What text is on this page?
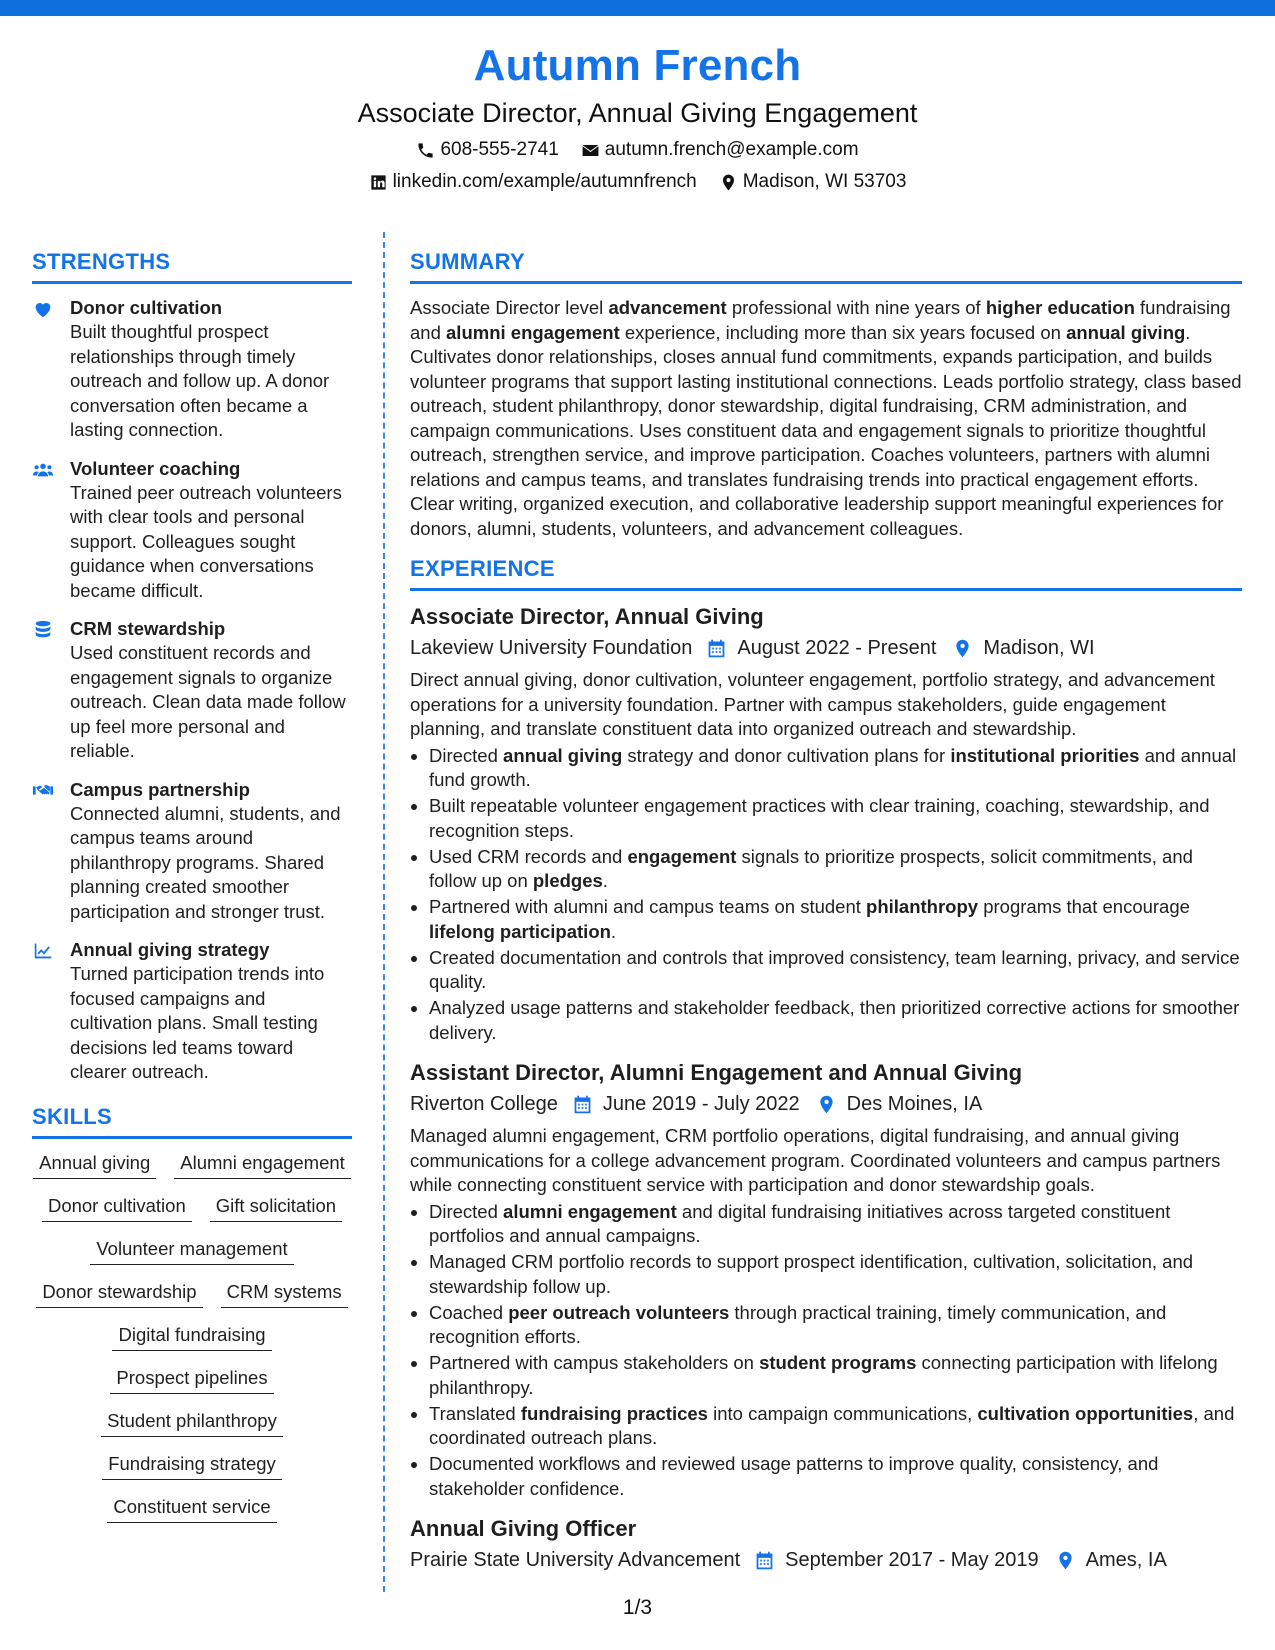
Autumn French
Associate Director, Annual Giving Engagement
608-555-2741 autumn.french@example.com
linkedin.com/example/autumnfrench Madison, WI 53703
STRENGTHS
Donor cultivation
Built thoughtful prospect relationships through timely outreach and follow up. A donor conversation often became a lasting connection.
Volunteer coaching
Trained peer outreach volunteers with clear tools and personal support. Colleagues sought guidance when conversations became difficult.
CRM stewardship
Used constituent records and engagement signals to organize outreach. Clean data made follow up feel more personal and reliable.
Campus partnership
Connected alumni, students, and campus teams around philanthropy programs. Shared planning created smoother participation and stronger trust.
Annual giving strategy
Turned participation trends into focused campaigns and cultivation plans. Small testing decisions led teams toward clearer outreach.
SKILLS
Annual giving	Alumni engagement
Donor cultivation	Gift solicitation
Volunteer management
Donor stewardship	CRM systems
Digital fundraising
Prospect pipelines
Student philanthropy
Fundraising strategy
Constituent service
SUMMARY

Associate Director level advancement professional with nine years of higher education fundraising and alumni engagement experience, including more than six years focused on annual giving. Cultivates donor relationships, closes annual fund commitments, expands participation, and builds volunteer programs that support lasting institutional connections. Leads portfolio strategy, class based outreach, student philanthropy, donor stewardship, digital fundraising, CRM administration, and campaign communications. Uses constituent data and engagement signals to prioritize thoughtful outreach, strengthen service, and improve participation. Coaches volunteers, partners with alumni relations and campus teams, and translates fundraising trends into practical engagement efforts. Clear writing, organized execution, and collaborative leadership support meaningful experiences for donors, alumni, students, volunteers, and advancement colleagues.

EXPERIENCE
Associate Director, Annual Giving
Lakeview University Foundation August 2022 - Present Madison, WI
Direct annual giving, donor cultivation, volunteer engagement, portfolio strategy, and advancement operations for a university foundation. Partner with campus stakeholders, guide engagement planning, and translate constituent data into organized outreach and stewardship.
• Directed annual giving strategy and donor cultivation plans for institutional priorities and annual fund growth.
• Built repeatable volunteer engagement practices with clear training, coaching, stewardship, and recognition steps.
• Used CRM records and engagement signals to prioritize prospects, solicit commitments, and follow up on pledges.
• Partnered with alumni and campus teams on student philanthropy programs that encourage lifelong participation.
• Created documentation and controls that improved consistency, team learning, privacy, and service quality.
• Analyzed usage patterns and stakeholder feedback, then prioritized corrective actions for smoother delivery.
Assistant Director, Alumni Engagement and Annual Giving
Riverton College June 2019 - July 2022 Des Moines, IA
Managed alumni engagement, CRM portfolio operations, digital fundraising, and annual giving communications for a college advancement program. Coordinated volunteers and campus partners while connecting constituent service with participation and donor stewardship goals.
• Directed alumni engagement and digital fundraising initiatives across targeted constituent portfolios and annual campaigns.
• Managed CRM portfolio records to support prospect identification, cultivation, solicitation, and stewardship follow up.
• Coached peer outreach volunteers through practical training, timely communication, and recognition efforts.
• Partnered with campus stakeholders on student programs connecting participation with lifelong philanthropy.
• Translated fundraising practices into campaign communications, cultivation opportunities, and coordinated outreach plans.
• Documented workflows and reviewed usage patterns to improve quality, consistency, and stakeholder confidence.
Annual Giving Officer
Prairie State University Advancement September 2017 - May 2019 Ames, IA
1/3
